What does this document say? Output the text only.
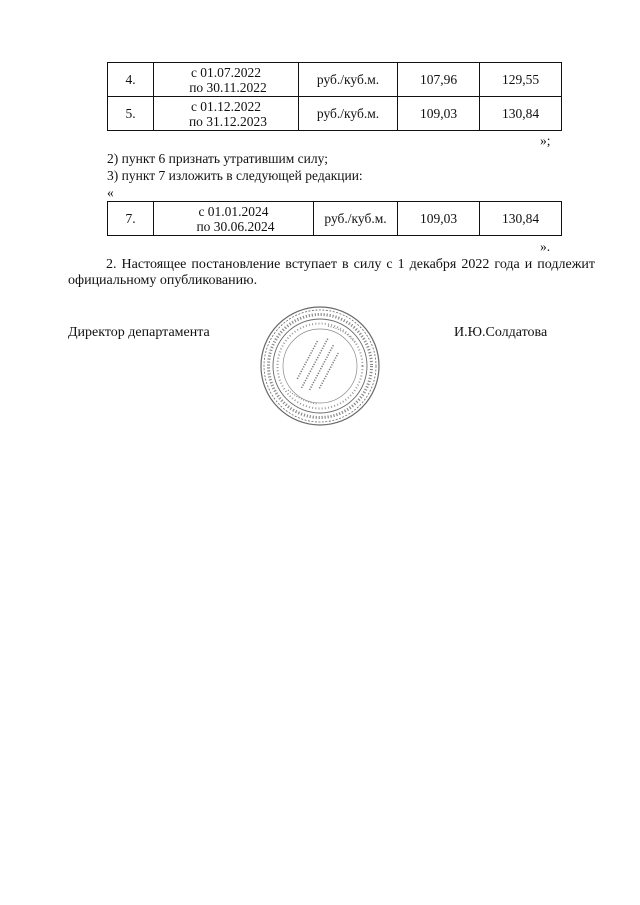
4.	с 01.07.2022
по 30.11.2022	руб./куб.м.	107,96	129,55
5.	с 01.12.2022
по 31.12.2023	руб./куб.м.	109,03	130,84
»;
2) пункт 6 признать утратившим силу;
3) пункт 7 изложить в следующей редакции:
«
7.	с 01.01.2024
по 30.06.2024	руб./куб.м.	109,03	130,84
».
2. Настоящее постановление вступает в силу с 1 декабря 2022 года и подлежит официальному опубликованию.
Директор департамента	И.Ю.Солдатова
